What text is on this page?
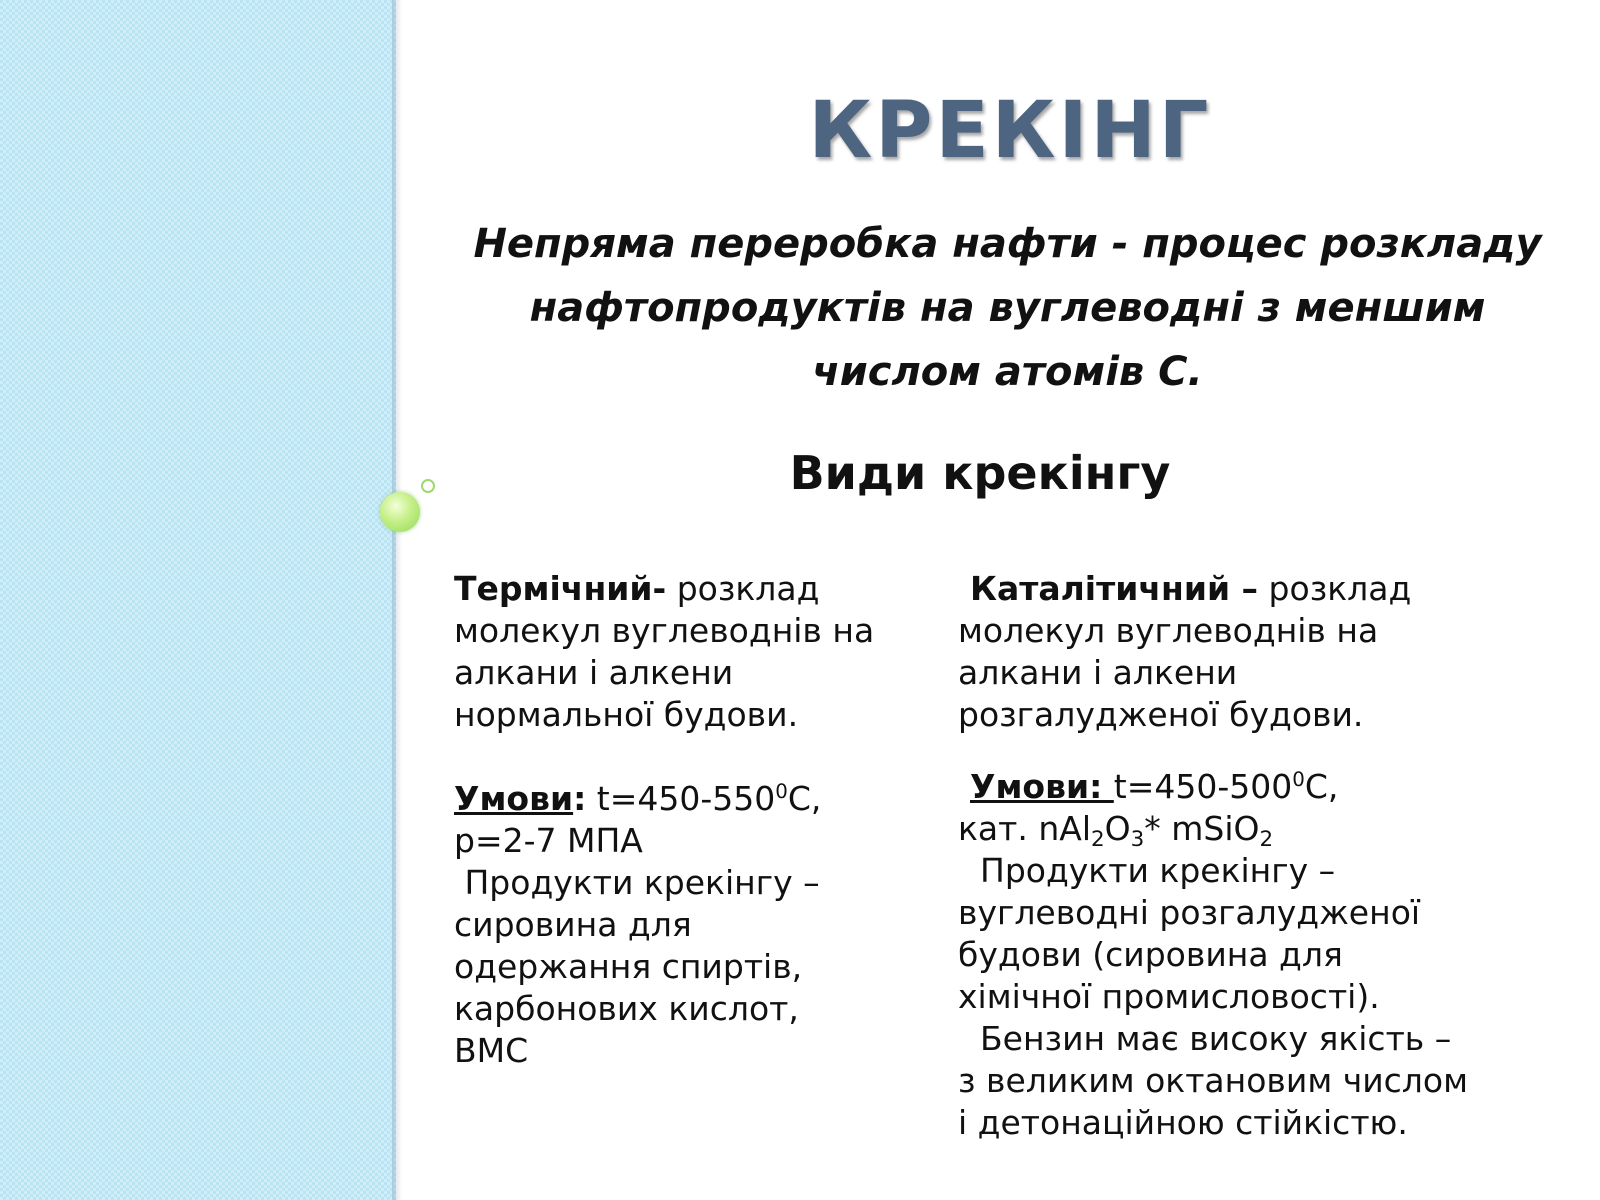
КРЕКІНГ
Непряма переробка нафти - процес розкладу
нафтопродуктів на вуглеводні з меншим
числом атомів С.
Види крекінгу
Термічний- розклад
молекул вуглеводнів на
алкани і алкени
нормальної будови.
Умови: $t=450-550^0С$,
p=2-7 МПА
Продукти крекінгу –
сировина для
одержання спиртів,
карбонових кислот,
ВМС
Каталітичний – розклад
молекул вуглеводнів на
алкани і алкени
розгалудженої будови.
Умови: $t=450-500^0С$,
кат. $nAl_2O_3*$ mSiO$_2$
Продукти крекінгу –
вуглеводні розгалудженої
будови (сировина для
хімічної промисловості).
Бензин має високу якість –
з великим октановим числом
і детонаційною стійкістю.
